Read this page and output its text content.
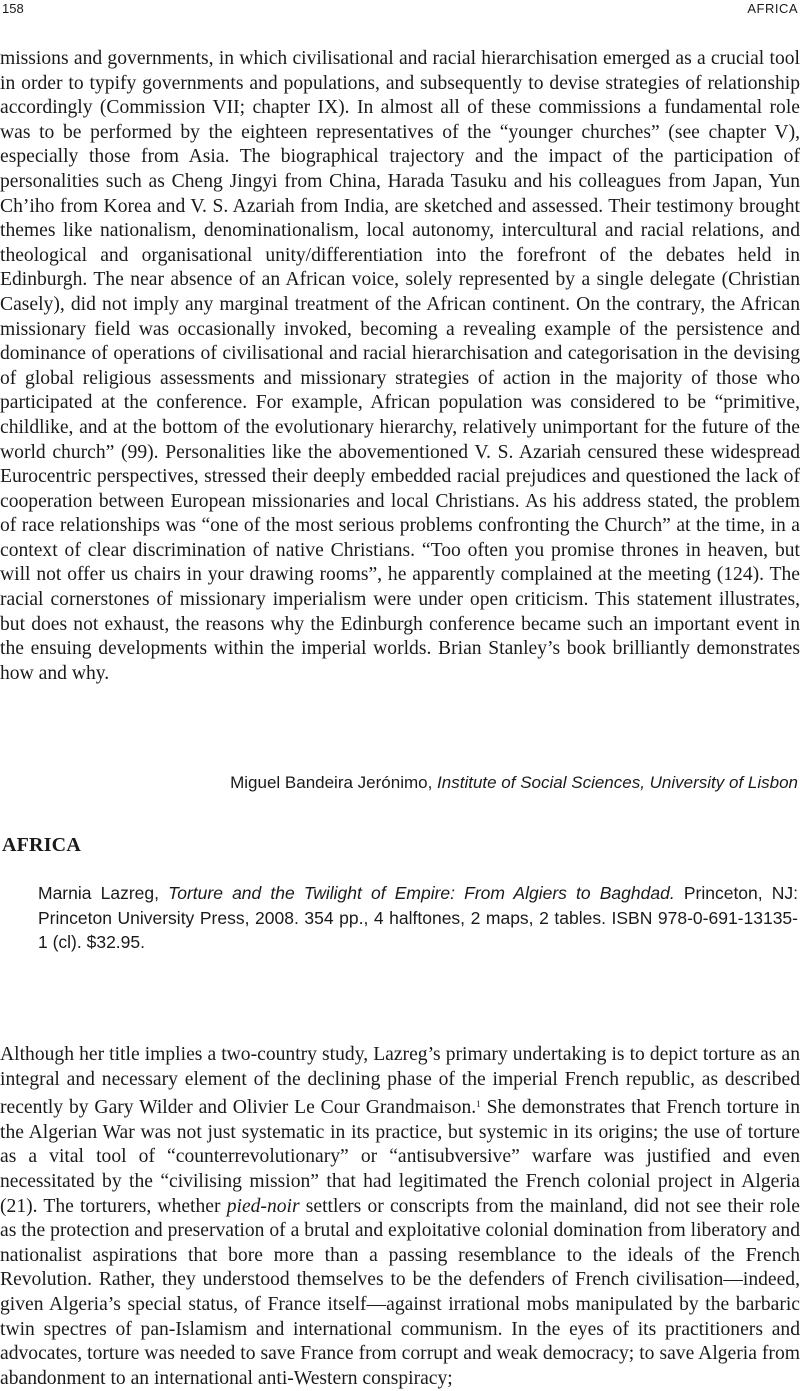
158	AFRICA

missions and governments, in which civilisational and racial hierarchisation emerged as a crucial tool in order to typify governments and populations, and subsequently to devise strategies of relationship accordingly (Commission VII; chapter IX). In almost all of these commissions a fundamental role was to be performed by the eighteen representatives of the “younger churches” (see chapter V), especially those from Asia. The biographical trajectory and the impact of the participation of personalities such as Cheng Jingyi from China, Harada Tasuku and his colleagues from Japan, Yun Ch’iho from Korea and V. S. Azariah from India, are sketched and assessed. Their testimony brought themes like nationalism, denominationalism, local autonomy, intercultural and racial relations, and theological and organisational unity/differentiation into the forefront of the debates held in Edinburgh. The near absence of an African voice, solely represented by a single delegate (Christian Casely), did not imply any marginal treatment of the African continent. On the contrary, the African missionary field was occasionally invoked, becoming a revealing example of the persistence and dominance of operations of civilisational and racial hierarchisation and categorisation in the devising of global religious assessments and missionary strategies of action in the majority of those who participated at the conference. For example, African population was considered to be “primitive, childlike, and at the bottom of the evolutionary hierarchy, relatively unimportant for the future of the world church” (99). Personalities like the abovementioned V. S. Azariah censured these widespread Eurocentric perspectives, stressed their deeply embedded racial prejudices and questioned the lack of cooperation between European missionaries and local Christians. As his address stated, the problem of race relationships was “one of the most serious problems confronting the Church” at the time, in a context of clear discrimination of native Christians. “Too often you promise thrones in heaven, but will not offer us chairs in your drawing rooms”, he apparently complained at the meeting (124). The racial cornerstones of missionary imperialism were under open criticism. This statement illustrates, but does not exhaust, the reasons why the Edinburgh conference became such an important event in the ensuing developments within the imperial worlds. Brian Stanley’s book brilliantly demonstrates how and why.

Miguel Bandeira Jerónimo, Institute of Social Sciences, University of Lisbon
AFRICA
Marnia Lazreg, Torture and the Twilight of Empire: From Algiers to Baghdad. Princeton, NJ: Princeton University Press, 2008. 354 pp., 4 halftones, 2 maps, 2 tables. ISBN 978-0-691-13135-1 (cl). $32.95.

Although her title implies a two-country study, Lazreg’s primary undertaking is to depict torture as an integral and necessary element of the declining phase of the imperial French republic, as described recently by Gary Wilder and Olivier Le Cour Grandmaison.$^1$ She demonstrates that French torture in the Algerian War was not just systematic in its practice, but systemic in its origins; the use of torture as a vital tool of “counterrevolutionary” or “antisubversive” warfare was justified and even necessitated by the “civilising mission” that had legitimated the French colonial project in Algeria (21). The torturers, whether pied-noir settlers or conscripts from the mainland, did not see their role as the protection and preservation of a brutal and exploitative colonial domination from liberatory and nationalist aspirations that bore more than a passing resemblance to the ideals of the French Revolution. Rather, they understood themselves to be the defenders of French civilisation—indeed, given Algeria’s special status, of France itself—against irrational mobs manipulated by the barbaric twin spectres of pan-Islamism and international communism. In the eyes of its practitioners and advocates, torture was needed to save France from corrupt and weak democracy; to save Algeria from abandonment to an international anti-Western conspiracy;
